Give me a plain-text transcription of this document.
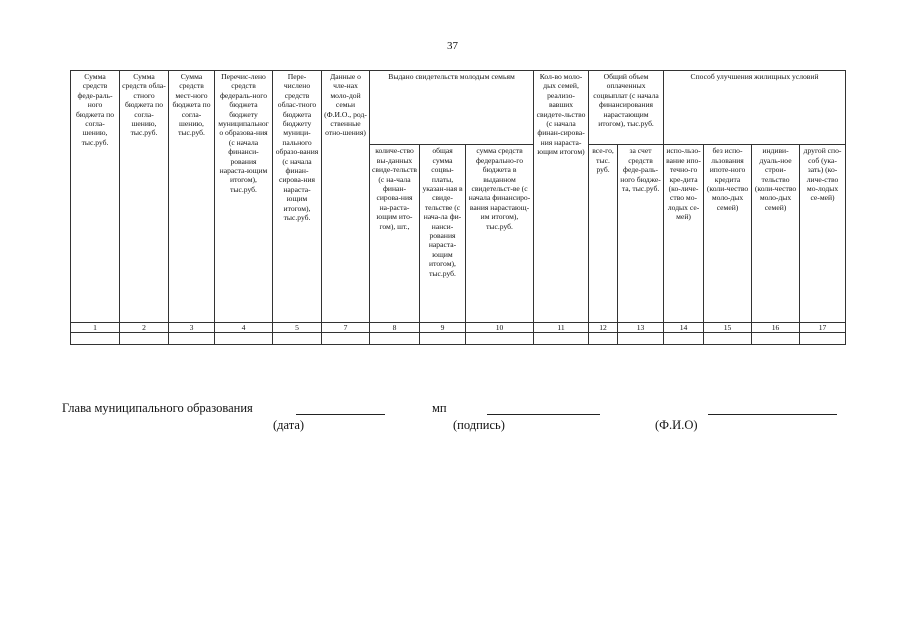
37
Сумма средств феде-раль-ного бюджета по согла-шению, тыс.руб.	Сумма средств обла-стного бюджета по согла-шению, тыс.руб.	Сумма средств мест-ного бюджета по согла-шению, тыс.руб.	Перечис-лено средств федераль-ного бюджета бюджету муниципального образова-ния (с начала финанси-рования нараста-ющим итогом), тыс.руб.	Пере-числено средств облас-тного бюджета бюджету муници-пального образо-вания (с начала финан-сирова-ния нараста-ющим итогом), тыс.руб.	Данные о чле-нах моло-дой семьи (Ф.И.О., род-ственные отно-шения)	Выдано свидетельств молодым семьям			Кол-во моло-дых семей, реализо-вавших свидете-льство (с начала финан-сирова-ния нараста-ющим итогом)	Общий объем оплаченных соцвыплат (с начала финансирования нарастающим итогом), тыс.руб.		Способ улучшения жилищных условий			
						количе-ство вы-данных свиде-тельств (с на-чала финан-сирова-ния на-раста-ющим ито-гом), шт.,	общая сумма соцвы-платы, указан-ная в свиде-тельстве (с нача-ла фи-нанси-рования нараста-ющим итогом), тыс.руб.	сумма средств федерально-го бюджета в выданном свидетельст-ве (с начала финансиро-вания нарастающ-им итогом), тыс.руб.		все-го, тыс. руб.	за счет средств феде-раль-ного бюдже-та, тыс.руб.	испо-льзо-вание ипо-течно-го кре-дита (ко-личе-ство мо-лодых се-мей)	без испо-льзования ипоте-ного кредита (коли-чество моло-дых семей)	индиви-дуаль-ное строи-тельство (коли-чество моло-дых семей)	другой спо-соб (ука-зать) (ко-личе-ство мо-лодых се-мей)
1	2	3	4	5	7	8	9	10	11	12	13	14	15	16	17

Глава муниципального образования	мп
(дата)	(подпись)	(Ф.И.О)
